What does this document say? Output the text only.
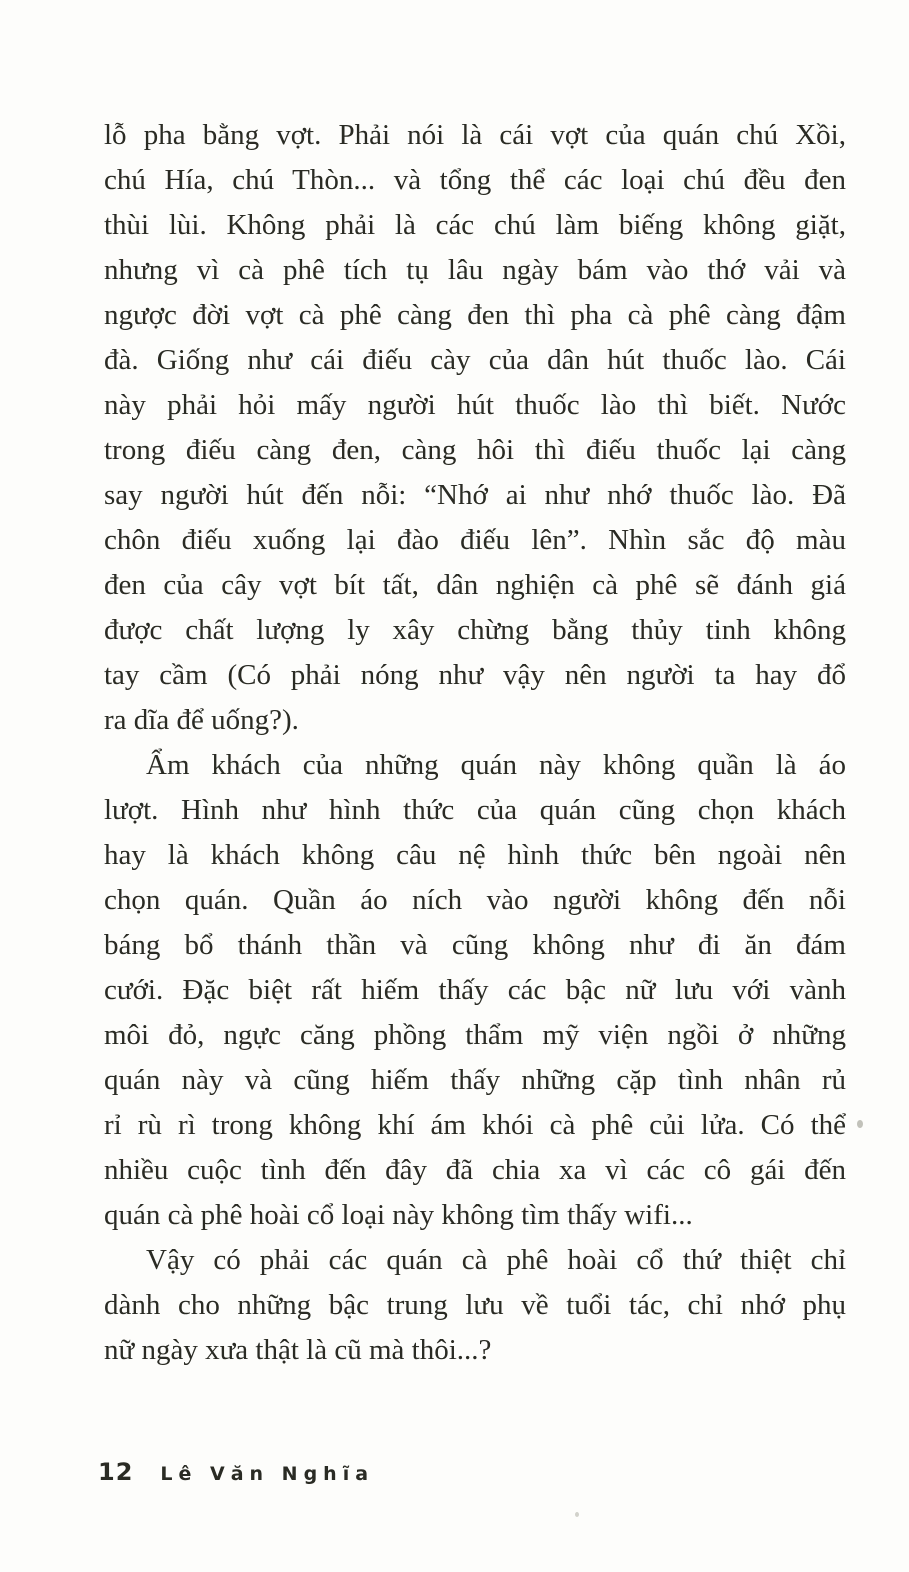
lỗ pha bằng vợt. Phải nói là cái vợt của quán chú Xồi,
chú Hía, chú Thòn... và tổng thể các loại chú đều đen
thùi lùi. Không phải là các chú làm biếng không giặt,
nhưng vì cà phê tích tụ lâu ngày bám vào thớ vải và
ngược đời vợt cà phê càng đen thì pha cà phê càng đậm
đà. Giống như cái điếu cày của dân hút thuốc lào. Cái
này phải hỏi mấy người hút thuốc lào thì biết. Nước
trong điếu càng đen, càng hôi thì điếu thuốc lại càng
say người hút đến nỗi: “Nhớ ai như nhớ thuốc lào. Đã
chôn điếu xuống lại đào điếu lên”. Nhìn sắc độ màu
đen của cây vợt bít tất, dân nghiện cà phê sẽ đánh giá
được chất lượng ly xây chừng bằng thủy tinh không
tay cầm (Có phải nóng như vậy nên người ta hay đổ
ra dĩa để uống?).
Ẩm khách của những quán này không quần là áo
lượt. Hình như hình thức của quán cũng chọn khách
hay là khách không câu nệ hình thức bên ngoài nên
chọn quán. Quần áo ních vào người không đến nỗi
báng bổ thánh thần và cũng không như đi ăn đám
cưới. Đặc biệt rất hiếm thấy các bậc nữ lưu với vành
môi đỏ, ngực căng phồng thẩm mỹ viện ngồi ở những
quán này và cũng hiếm thấy những cặp tình nhân rủ
rỉ rù rì trong không khí ám khói cà phê củi lửa. Có thể
nhiều cuộc tình đến đây đã chia xa vì các cô gái đến
quán cà phê hoài cổ loại này không tìm thấy wifi...
Vậy có phải các quán cà phê hoài cổ thứ thiệt chỉ
dành cho những bậc trung lưu về tuổi tác, chỉ nhớ phụ
nữ ngày xưa thật là cũ mà thôi...?
12 Lê Văn Nghĩa
